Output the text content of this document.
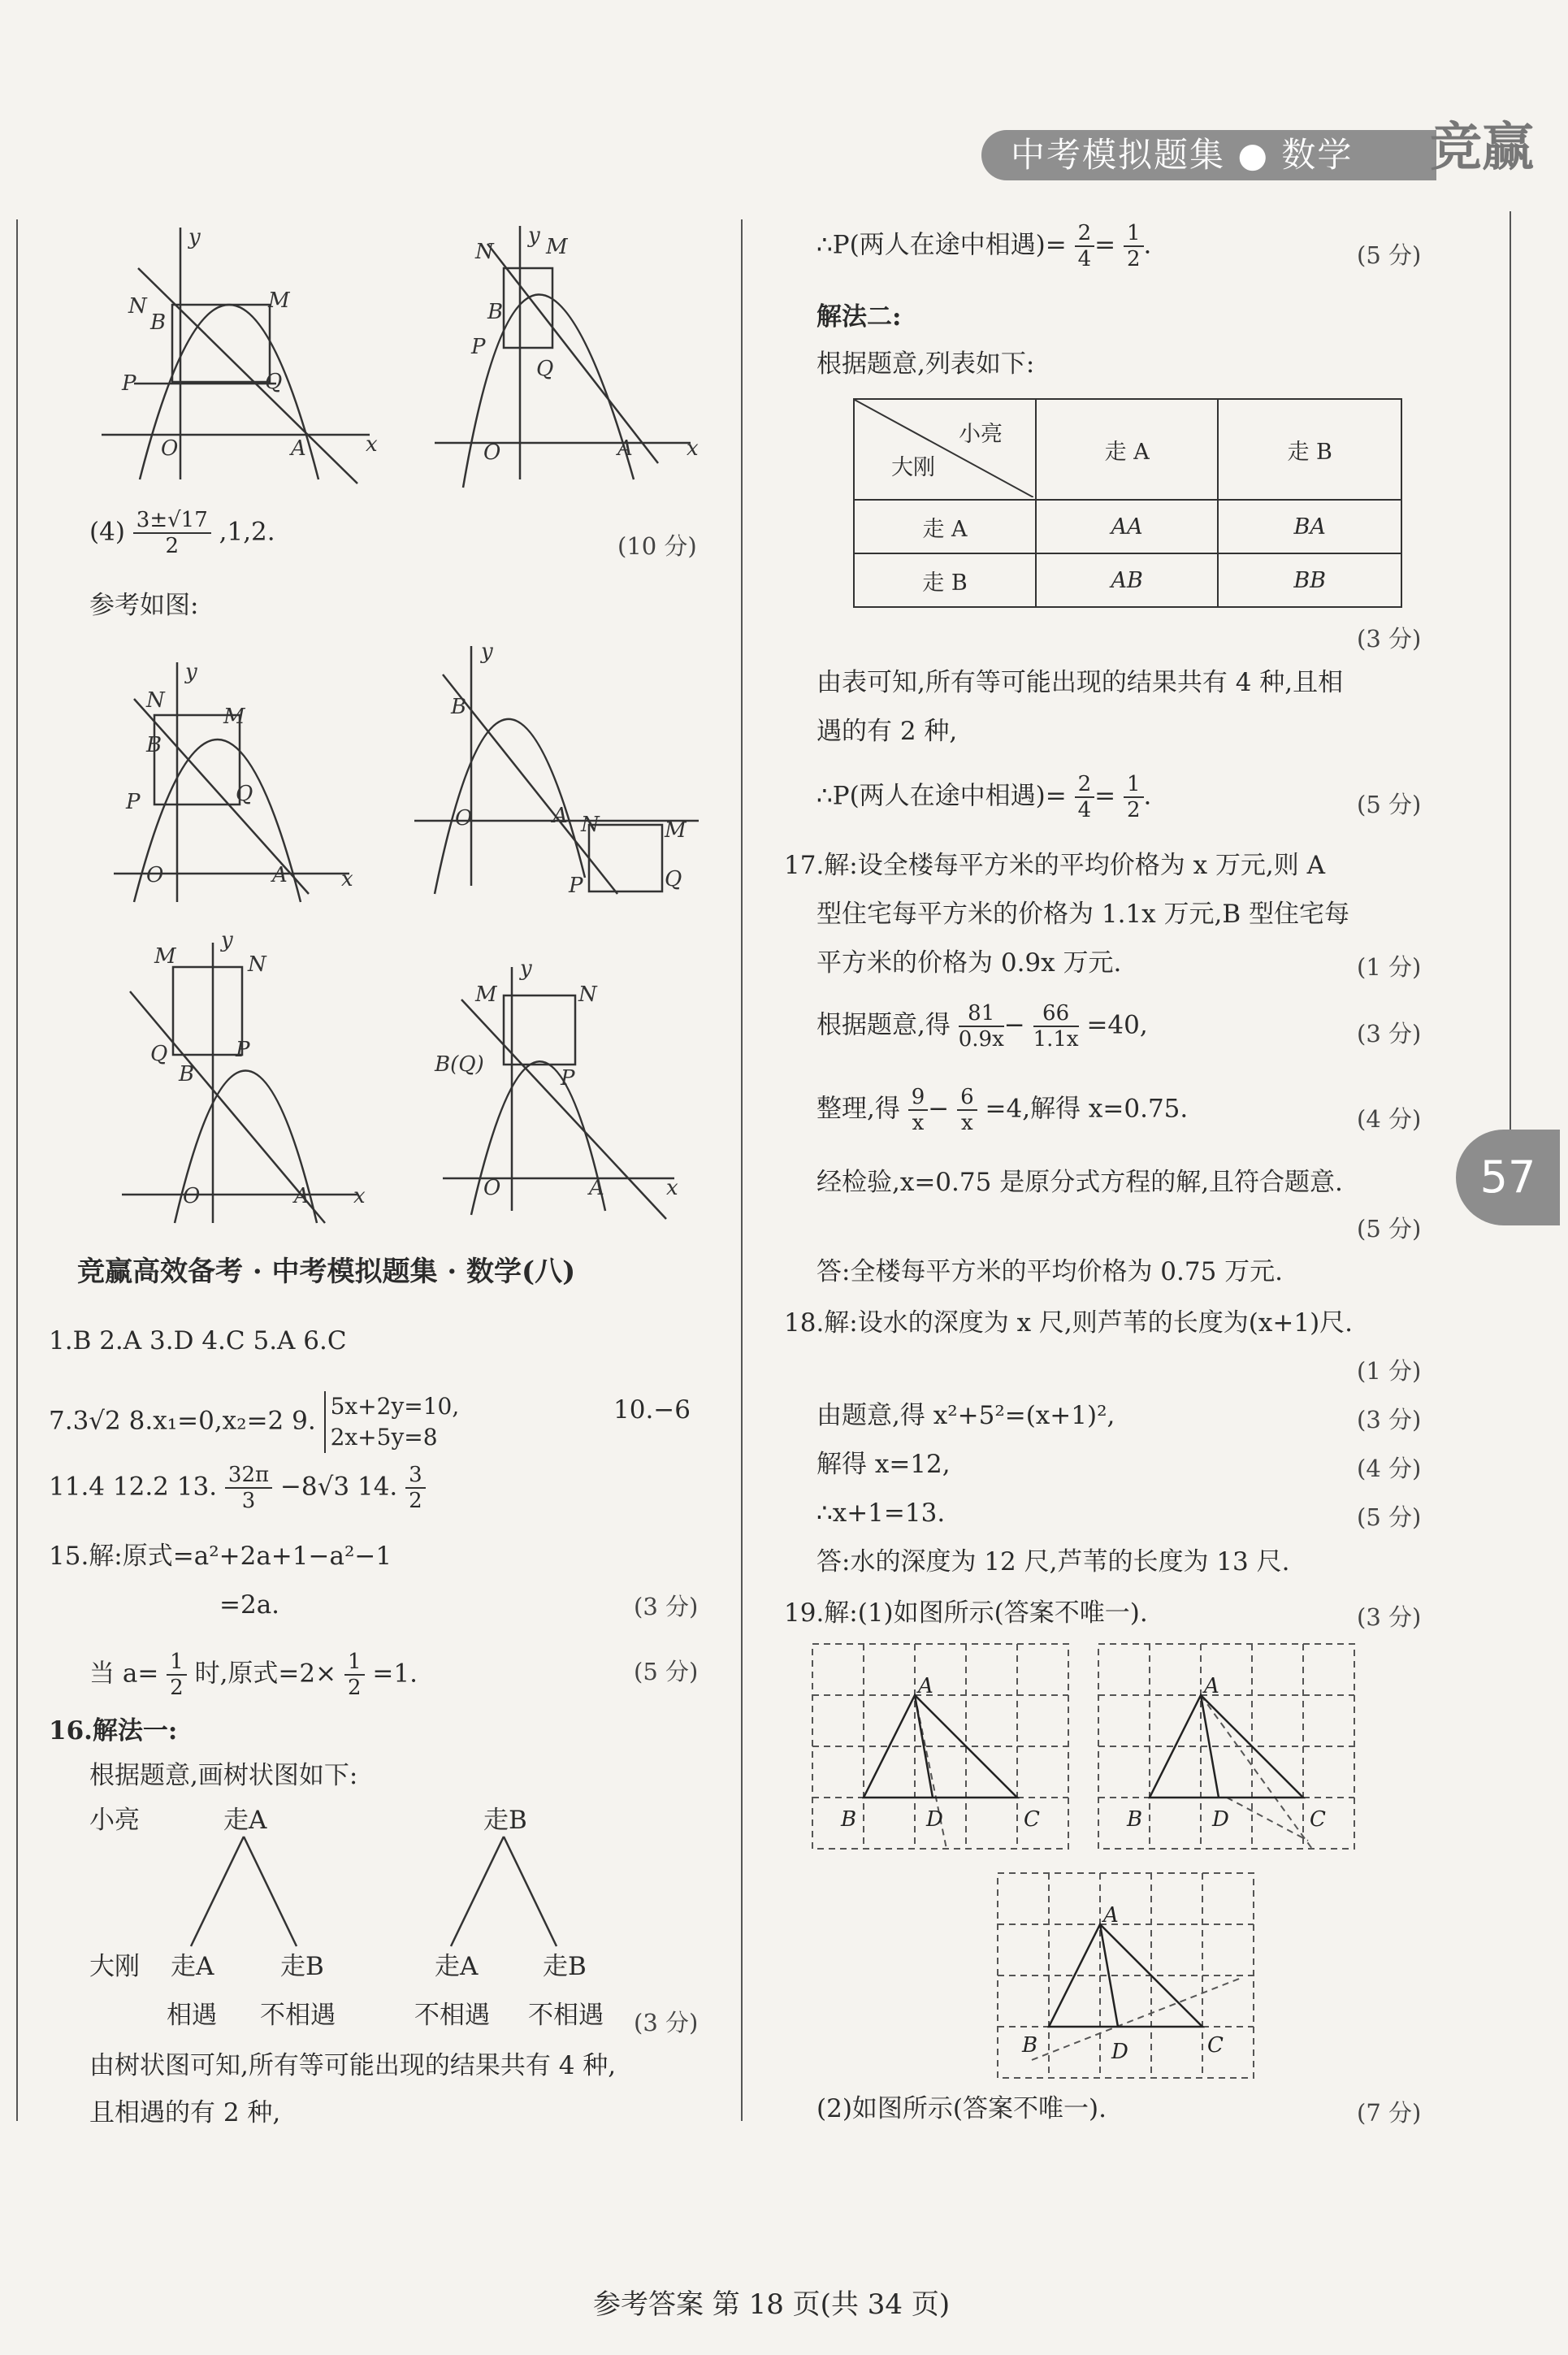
中考模拟题集 ● 数学	竞赢
57
y
x
O	A
N
B
M
Q
P
y
x
O	A
N M
B
P
Q
y
x
O	A
N
B
M
Q
P
y
O
B
A N	M
P	Q
M
y
N
Q
B
P
O	A x
y
M	N
B(Q)
P
O	A	x
$(4) \frac{3\pm√17}{2} ,1,2$.	(10 分)
参考如图:
竞赢高效备考 · 中考模拟题集 · 数学(八)
1.B 2.A 3.D 4.C 5.A 6.C
7.3√2 8.x₁=0,x₂=2 9. 5x+2y=10,
2x+5y=8
10.−6
11.4 12.2 13. $\frac{32\pi}{3} -8√3$ 14. $\frac{3}{2}$
15.解:原式=a²+2a+1−a²−1
=2a.	(3 分)
当 $a= \frac{1}{2}$ 时,原式$=2\times \frac{1}{2} =1$.	(5 分)
16.解法一:
根据题意,画树状图如下:
小亮	走A	走B
大刚 走A	走B	走A	走B
相遇 不相遇	不相遇 不相遇 (3 分)
由树状图可知,所有等可能出现的结果共有 4 种,
且相遇的有 2 种,
∴P(两人在途中相遇)= $\frac{2}{4} = \frac{1}{2}$ .	(5 分)
解法二:
根据题意,列表如下:
小亮
大刚	走 A	走 B
走 A	AA	BA
走 B	AB	BB
(3 分)
由表可知,所有等可能出现的结果共有 4 种,且相
遇的有 2 种,
∴P(两人在途中相遇)= $\frac{2}{4} = \frac{1}{2}$ .	(5 分)
17.解:设全楼每平方米的平均价格为 x 万元,则 A
型住宅每平方米的价格为 1.1x 万元,B 型住宅每
平方米的价格为 0.9x 万元.	(1 分)
根据题意,得 $\frac{81}{0.9x} - \frac{66}{1.1x} =40$,	(3 分)
整理,得 $\frac{9}{x} - \frac{6}{x} =4$,解得 x=0.75.	(4 分)
经检验,x=0.75 是原分式方程的解,且符合题意.
(5 分)
答:全楼每平方米的平均价格为 0.75 万元.
18.解:设水的深度为 x 尺,则芦苇的长度为(x+1)尺.
(1 分)
由题意,得 x²+5²=(x+1)²,	(3 分)
解得 x=12,	(4 分)
∴x+1=13.	(5 分)
答:水的深度为 12 尺,芦苇的长度为 13 尺.
19.解:(1)如图所示(答案不唯一).	(3 分)
A
B	D	C
A
B	D	C
A
B	D	C
(2)如图所示(答案不唯一).	(7 分)
参考答案 第 18 页(共 34 页)
